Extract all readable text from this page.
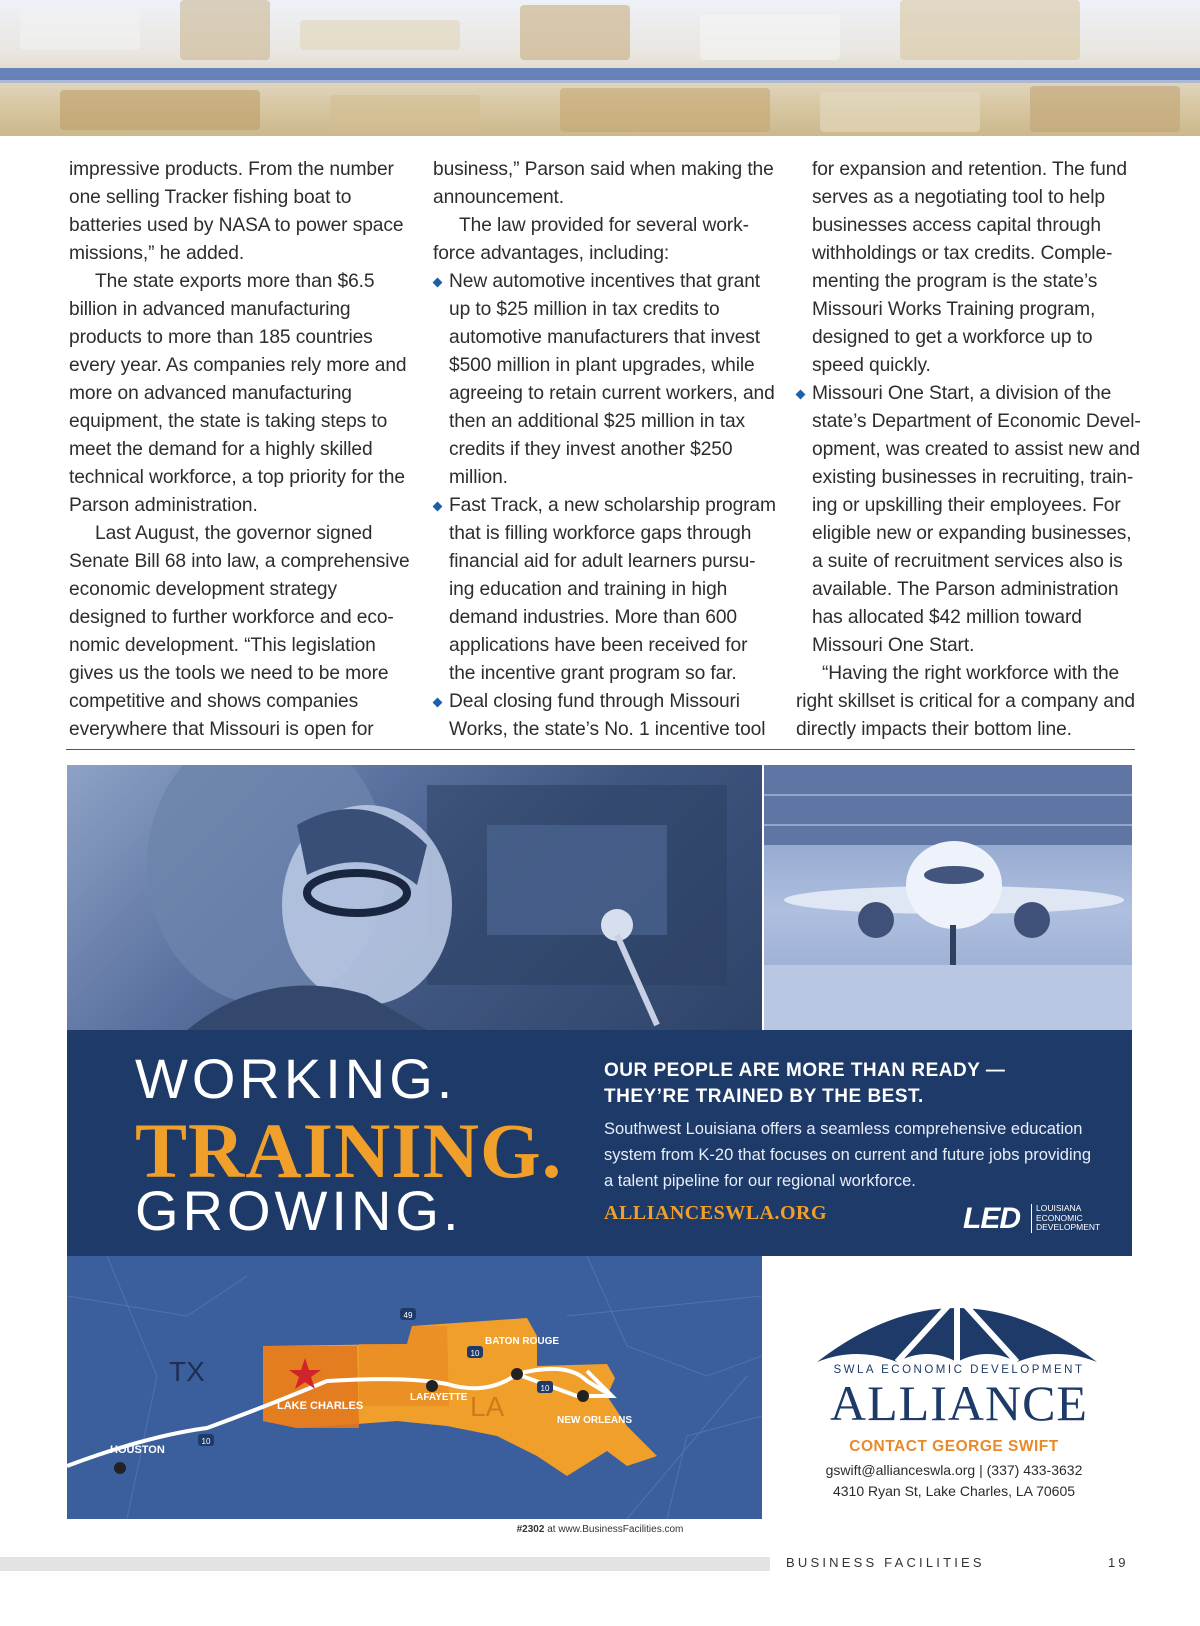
impressive products. From the number one selling Tracker fishing boat to batteries used by NASA to power space missions,” he added.

The state exports more than $6.5 billion in advanced manufacturing products to more than 185 countries every year. As companies rely more and more on advanced manufacturing equipment, the state is taking steps to meet the demand for a highly skilled technical workforce, a top priority for the Parson administration.

Last August, the governor signed Senate Bill 68 into law, a comprehensive economic development strategy designed to further workforce and eco-nomic development. “This legislation gives us the tools we need to be more competitive and shows companies everywhere that Missouri is open for

business,” Parson said when making the announcement.

The law provided for several work-force advantages, including:

New automotive incentives that grant up to $25 million in tax credits to automotive manufacturers that invest $500 million in plant upgrades, while agreeing to retain current workers, and then an additional $25 million in tax credits if they invest another $250 million.
Fast Track, a new scholarship program that is filling workforce gaps through financial aid for adult learners pursu-ing education and training in high demand industries. More than 600 applications have been received for the incentive grant program so far.
Deal closing fund through Missouri Works, the state’s No. 1 incentive tool

for expansion and retention. The fund serves as a negotiating tool to help businesses access capital through withholdings or tax credits. Comple-menting the program is the state’s Missouri Works Training program, designed to get a workforce up to speed quickly.

Missouri One Start, a division of the state’s Department of Economic Devel-opment, was created to assist new and existing businesses in recruiting, train-ing or upskilling their employees. For eligible new or expanding businesses, a suite of recruitment services also is available. The Parson administration has allocated $42 million toward Missouri One Start.

“Having the right workforce with the right skillset is critical for a company and directly impacts their bottom line.

WORKING.
TRAINING.
GROWING.
OUR PEOPLE ARE MORE THAN READY —
THEY’RE TRAINED BY THE BEST.
Southwest Louisiana offers a seamless comprehensive education system from K-20 that focuses on current and future jobs providing a talent pipeline for our regional workforce.
ALLIANCESWLA.ORG	LED	LOUISIANA ECONOMIC DEVELOPMENT
10
10
10
49
TX
LA
HOUSTON
LAKE CHARLES
LAFAYETTE
BATON ROUGE
NEW ORLEANS
SWLA ECONOMIC DEVELOPMENT
ALLIANCE
CONTACT GEORGE SWIFT
gswift@allianceswla.org | (337) 433-3632
4310 Ryan St, Lake Charles, LA 70605
#2302 at www.BusinessFacilities.com
BUSINESS FACILITIES	19
